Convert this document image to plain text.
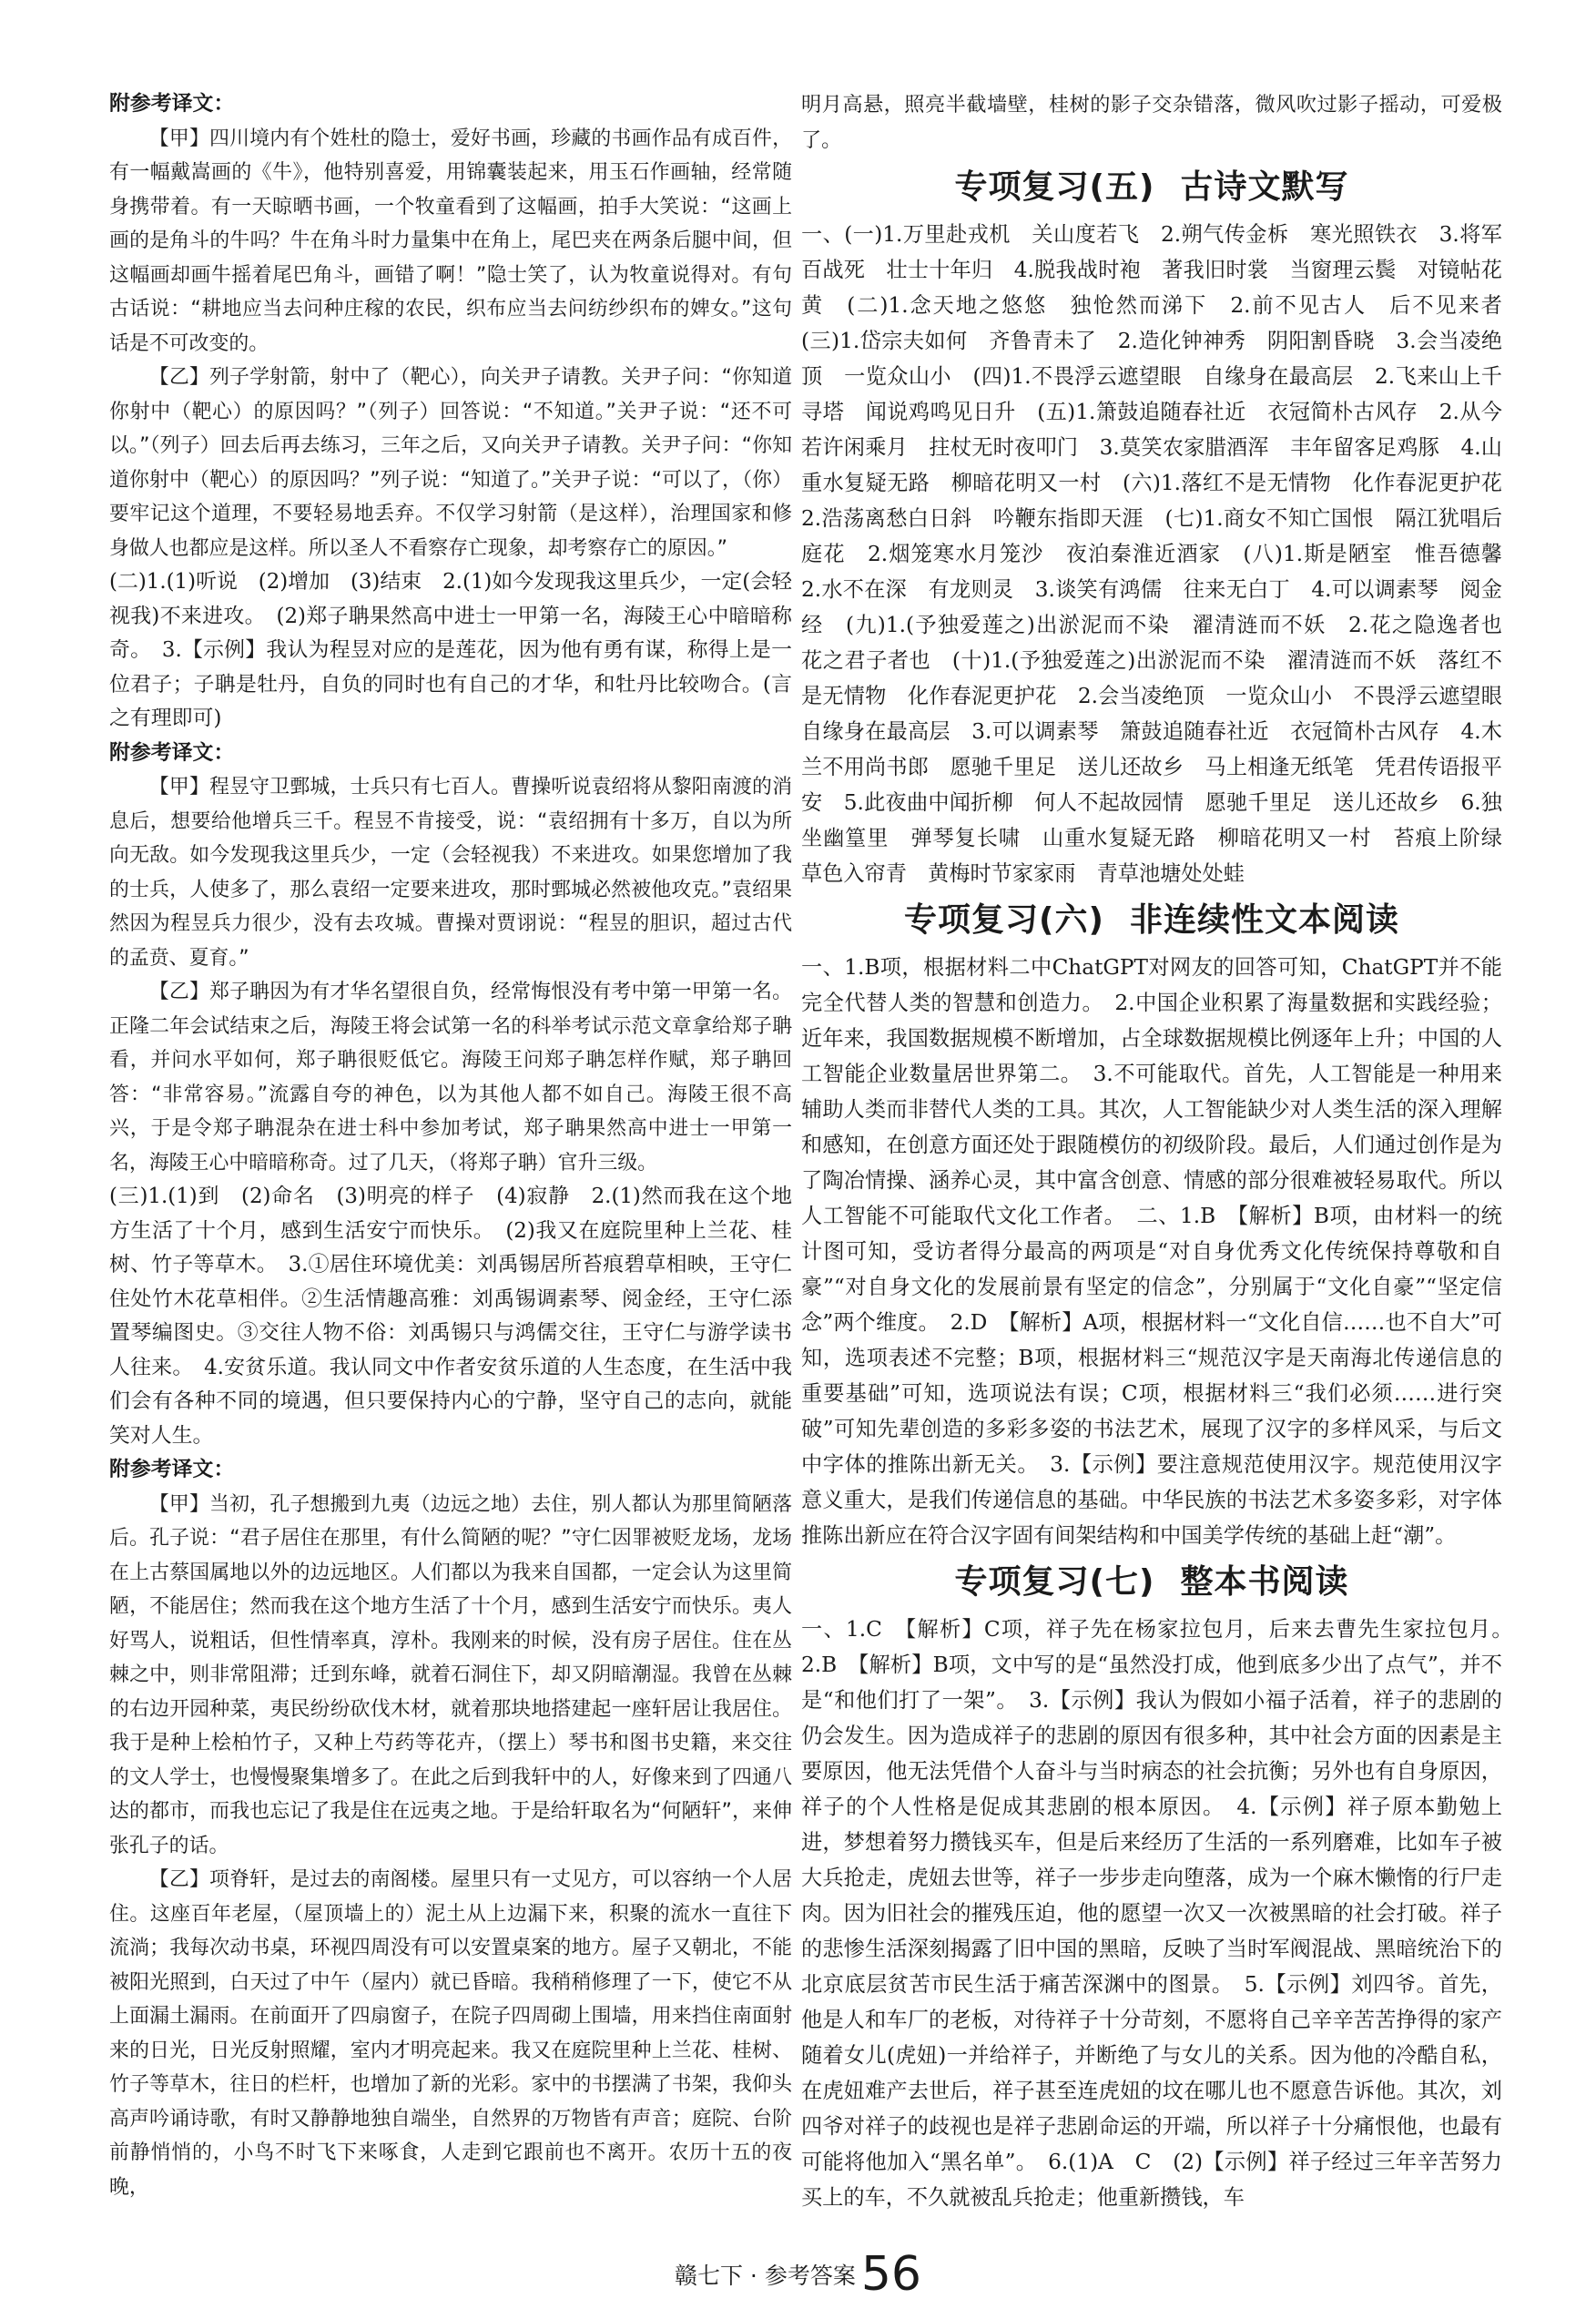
附参考译文：

【甲】四川境内有个姓杜的隐士，爱好书画，珍藏的书画作品有成百件，有一幅戴嵩画的《牛》，他特别喜爱，用锦囊装起来，用玉石作画轴，经常随身携带着。有一天晾晒书画，一个牧童看到了这幅画，拍手大笑说：“这画上画的是角斗的牛吗？牛在角斗时力量集中在角上，尾巴夹在两条后腿中间，但这幅画却画牛摇着尾巴角斗，画错了啊！”隐士笑了，认为牧童说得对。有句古话说：“耕地应当去问种庄稼的农民，织布应当去问纺纱织布的婢女。”这句话是不可改变的。

【乙】列子学射箭，射中了（靶心），向关尹子请教。关尹子问：“你知道你射中（靶心）的原因吗？”（列子）回答说：“不知道。”关尹子说：“还不可以。”（列子）回去后再去练习，三年之后，又向关尹子请教。关尹子问：“你知道你射中（靶心）的原因吗？”列子说：“知道了。”关尹子说：“可以了，（你）要牢记这个道理，不要轻易地丢弃。不仅学习射箭（是这样），治理国家和修身做人也都应是这样。所以圣人不看察存亡现象，却考察存亡的原因。”

(二)1.(1)听说　(2)增加　(3)结束　2.(1)如今发现我这里兵少，一定(会轻视我)不来进攻。　(2)郑子聃果然高中进士一甲第一名，海陵王心中暗暗称奇。　3.【示例】我认为程昱对应的是莲花，因为他有勇有谋，称得上是一位君子；子聃是牡丹，自负的同时也有自己的才华，和牡丹比较吻合。(言之有理即可)

附参考译文：

【甲】程昱守卫鄄城，士兵只有七百人。曹操听说袁绍将从黎阳南渡的消息后，想要给他增兵三千。程昱不肯接受，说：“袁绍拥有十多万，自以为所向无敌。如今发现我这里兵少，一定（会轻视我）不来进攻。如果您增加了我的士兵，人使多了，那么袁绍一定要来进攻，那时鄄城必然被他攻克。”袁绍果然因为程昱兵力很少，没有去攻城。曹操对贾诩说：“程昱的胆识，超过古代的孟贲、夏育。”

【乙】郑子聃因为有才华名望很自负，经常悔恨没有考中第一甲第一名。正隆二年会试结束之后，海陵王将会试第一名的科举考试示范文章拿给郑子聃看，并问水平如何，郑子聃很贬低它。海陵王问郑子聃怎样作赋，郑子聃回答：“非常容易。”流露自夸的神色，以为其他人都不如自己。海陵王很不高兴，于是令郑子聃混杂在进士科中参加考试，郑子聃果然高中进士一甲第一名，海陵王心中暗暗称奇。过了几天，（将郑子聃）官升三级。

(三)1.(1)到　(2)命名　(3)明亮的样子　(4)寂静　2.(1)然而我在这个地方生活了十个月，感到生活安宁而快乐。　(2)我又在庭院里种上兰花、桂树、竹子等草木。　3.①居住环境优美：刘禹锡居所苔痕碧草相映，王守仁住处竹木花草相伴。②生活情趣高雅：刘禹锡调素琴、阅金经，王守仁添置琴编图史。③交往人物不俗：刘禹锡只与鸿儒交往，王守仁与游学读书人往来。　4.安贫乐道。我认同文中作者安贫乐道的人生态度，在生活中我们会有各种不同的境遇，但只要保持内心的宁静，坚守自己的志向，就能笑对人生。

附参考译文：

【甲】当初，孔子想搬到九夷（边远之地）去住，别人都认为那里简陋落后。孔子说：“君子居住在那里，有什么简陋的呢？”守仁因罪被贬龙场，龙场在上古蔡国属地以外的边远地区。人们都以为我来自国都，一定会认为这里简陋，不能居住；然而我在这个地方生活了十个月，感到生活安宁而快乐。夷人好骂人，说粗话，但性情率真，淳朴。我刚来的时候，没有房子居住。住在丛棘之中，则非常阻滞；迁到东峰，就着石洞住下，却又阴暗潮湿。我曾在丛棘的右边开园种菜，夷民纷纷砍伐木材，就着那块地搭建起一座轩居让我居住。我于是种上桧柏竹子，又种上芍药等花卉，（摆上）琴书和图书史籍，来交往的文人学士，也慢慢聚集增多了。在此之后到我轩中的人，好像来到了四通八达的都市，而我也忘记了我是住在远夷之地。于是给轩取名为“何陋轩”，来伸张孔子的话。

【乙】项脊轩，是过去的南阁楼。屋里只有一丈见方，可以容纳一个人居住。这座百年老屋，（屋顶墙上的）泥土从上边漏下来，积聚的流水一直往下流淌；我每次动书桌，环视四周没有可以安置桌案的地方。屋子又朝北，不能被阳光照到，白天过了中午（屋内）就已昏暗。我稍稍修理了一下，使它不从上面漏土漏雨。在前面开了四扇窗子，在院子四周砌上围墙，用来挡住南面射来的日光，日光反射照耀，室内才明亮起来。我又在庭院里种上兰花、桂树、竹子等草木，往日的栏杆，也增加了新的光彩。家中的书摆满了书架，我仰头高声吟诵诗歌，有时又静静地独自端坐，自然界的万物皆有声音；庭院、台阶前静悄悄的，小鸟不时飞下来啄食，人走到它跟前也不离开。农历十五的夜晚，

明月高悬，照亮半截墙壁，桂树的影子交杂错落，微风吹过影子摇动，可爱极了。

专项复习(五) 古诗文默写

一、(一)1.万里赴戎机　关山度若飞　2.朔气传金柝　寒光照铁衣　3.将军百战死　壮士十年归　4.脱我战时袍　著我旧时裳　当窗理云鬓　对镜帖花黄　(二)1.念天地之悠悠　独怆然而涕下　2.前不见古人　后不见来者　(三)1.岱宗夫如何　齐鲁青未了　2.造化钟神秀　阴阳割昏晓　3.会当凌绝顶　一览众山小　(四)1.不畏浮云遮望眼　自缘身在最高层　2.飞来山上千寻塔　闻说鸡鸣见日升　(五)1.箫鼓追随春社近　衣冠简朴古风存　2.从今若许闲乘月　拄杖无时夜叩门　3.莫笑农家腊酒浑　丰年留客足鸡豚　4.山重水复疑无路　柳暗花明又一村　(六)1.落红不是无情物　化作春泥更护花　2.浩荡离愁白日斜　吟鞭东指即天涯　(七)1.商女不知亡国恨　隔江犹唱后庭花　2.烟笼寒水月笼沙　夜泊秦淮近酒家　(八)1.斯是陋室　惟吾德馨　2.水不在深　有龙则灵　3.谈笑有鸿儒　往来无白丁　4.可以调素琴　阅金经　(九)1.(予独爱莲之)出淤泥而不染　濯清涟而不妖　2.花之隐逸者也　花之君子者也　(十)1.(予独爱莲之)出淤泥而不染　濯清涟而不妖　落红不是无情物　化作春泥更护花　2.会当凌绝顶　一览众山小　不畏浮云遮望眼　自缘身在最高层　3.可以调素琴　箫鼓追随春社近　衣冠简朴古风存　4.木兰不用尚书郎　愿驰千里足　送儿还故乡　马上相逢无纸笔　凭君传语报平安　5.此夜曲中闻折柳　何人不起故园情　愿驰千里足　送儿还故乡　6.独坐幽篁里　弹琴复长啸　山重水复疑无路　柳暗花明又一村　苔痕上阶绿　草色入帘青　黄梅时节家家雨　青草池塘处处蛙

专项复习(六) 非连续性文本阅读

一、1.B项，根据材料二中ChatGPT对网友的回答可知，ChatGPT并不能完全代替人类的智慧和创造力。　2.中国企业积累了海量数据和实践经验；近年来，我国数据规模不断增加，占全球数据规模比例逐年上升；中国的人工智能企业数量居世界第二。　3.不可能取代。首先，人工智能是一种用来辅助人类而非替代人类的工具。其次，人工智能缺少对人类生活的深入理解和感知，在创意方面还处于跟随模仿的初级阶段。最后，人们通过创作是为了陶冶情操、涵养心灵，其中富含创意、情感的部分很难被轻易取代。所以人工智能不可能取代文化工作者。　二、1.B　【解析】B项，由材料一的统计图可知，受访者得分最高的两项是“对自身优秀文化传统保持尊敬和自豪”“对自身文化的发展前景有坚定的信念”，分别属于“文化自豪”“坚定信念”两个维度。　2.D　【解析】A项，根据材料一“文化自信……也不自大”可知，选项表述不完整；B项，根据材料三“规范汉字是天南海北传递信息的重要基础”可知，选项说法有误；C项，根据材料三“我们必须……进行突破”可知先辈创造的多彩多姿的书法艺术，展现了汉字的多样风采，与后文中字体的推陈出新无关。　3.【示例】要注意规范使用汉字。规范使用汉字意义重大，是我们传递信息的基础。中华民族的书法艺术多姿多彩，对字体推陈出新应在符合汉字固有间架结构和中国美学传统的基础上赶“潮”。

专项复习(七) 整本书阅读

一、1.C　【解析】C项，祥子先在杨家拉包月，后来去曹先生家拉包月。　2.B　【解析】B项，文中写的是“虽然没打成，他到底多少出了点气”，并不是“和他们打了一架”。　3.【示例】我认为假如小福子活着，祥子的悲剧的仍会发生。因为造成祥子的悲剧的原因有很多种，其中社会方面的因素是主要原因，他无法凭借个人奋斗与当时病态的社会抗衡；另外也有自身原因，祥子的个人性格是促成其悲剧的根本原因。　4.【示例】祥子原本勤勉上进，梦想着努力攒钱买车，但是后来经历了生活的一系列磨难，比如车子被大兵抢走，虎妞去世等，祥子一步步走向堕落，成为一个麻木懒惰的行尸走肉。因为旧社会的摧残压迫，他的愿望一次又一次被黑暗的社会打破。祥子的悲惨生活深刻揭露了旧中国的黑暗，反映了当时军阀混战、黑暗统治下的北京底层贫苦市民生活于痛苦深渊中的图景。　5.【示例】刘四爷。首先，他是人和车厂的老板，对待祥子十分苛刻，不愿将自己辛辛苦苦挣得的家产随着女儿(虎妞)一并给祥子，并断绝了与女儿的关系。因为他的冷酷自私，在虎妞难产去世后，祥子甚至连虎妞的坟在哪儿也不愿意告诉他。其次，刘四爷对祥子的歧视也是祥子悲剧命运的开端，所以祥子十分痛恨他，也最有可能将他加入“黑名单”。　6.(1)A　C　(2)【示例】祥子经过三年辛苦努力买上的车，不久就被乱兵抢走；他重新攒钱，车

赣七下 · 参考答案 56
